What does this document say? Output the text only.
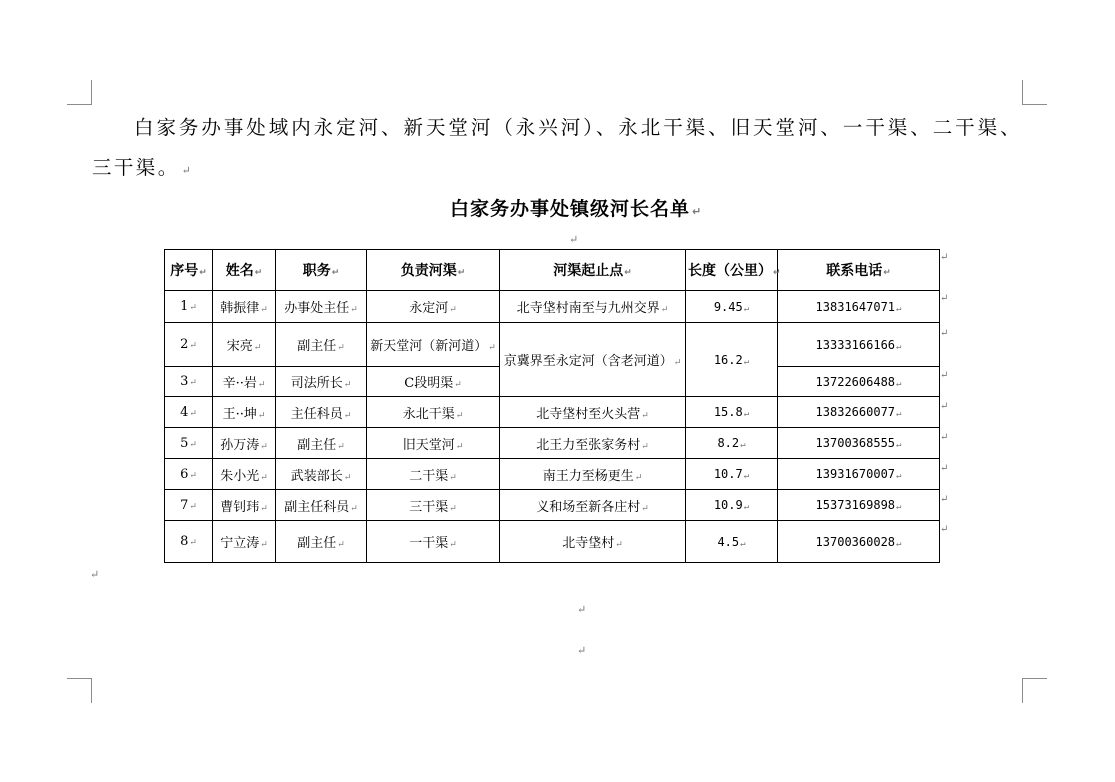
白家务办事处域内永定河、新天堂河（永兴河）、永北干渠、旧天堂河、一干渠、二干渠、三干渠。 ↵
白家务办事处镇级河长名单 ↵
↵
序号↵	姓名↵	职务↵	负责河渠↵	河渠起止点↵	长度（公里）↵	联系电话↵
1↵	韩振律↵	办事处主任↵	永定河↵	北寺垡村南至与九州交界↵	9.45↵	13831647071↵
2↵	宋亮↵	副主任↵	新天堂河（新河道）↵	京冀界至永定河（含老河道）↵	16.2↵	13333166166↵
3↵	辛··岩↵	司法所长↵	C段明渠↵			13722606488↵
4↵	王··坤↵	主任科员↵	永北干渠↵	北寺垡村至火头营↵	15.8↵	13832660077↵
5↵	孙万涛↵	副主任↵	旧天堂河↵	北王力至张家务村↵	8.2↵	13700368555↵
6↵	朱小光↵	武装部长↵	二干渠↵	南王力至杨更生↵	10.7↵	13931670007↵
7↵	曹钊玮↵	副主任科员↵	三干渠↵	义和场至新各庄村↵	10.9↵	15373169898↵
8↵	宁立涛↵	副主任↵	一干渠↵	北寺垡村↵	4.5↵	13700360028↵
↵
↵
↵
↵
↵
↵
↵
↵
↵
↵
↵
↵
